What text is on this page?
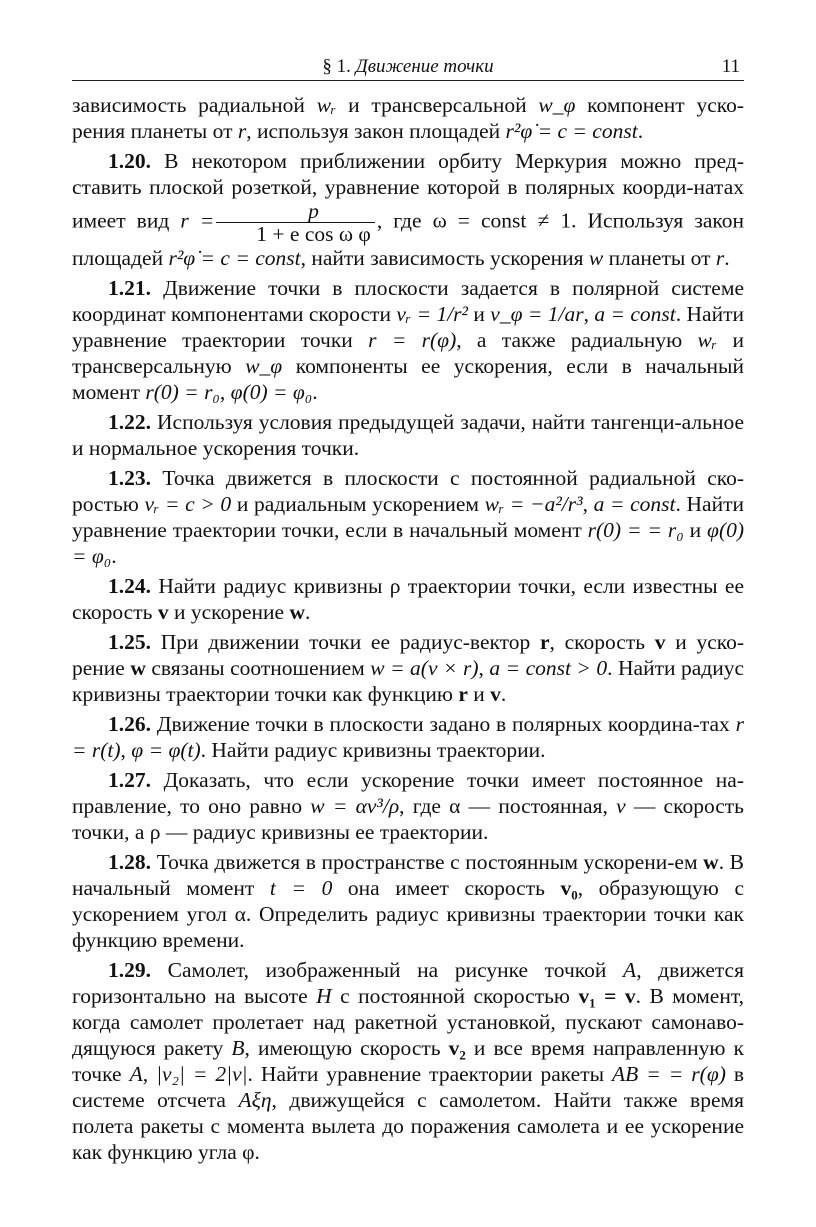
§ 1. Движение точки	11

зависимость радиальной wᵣ и трансверсальной w_φ компонент уско-рения планеты от r, используя закон площадей r²φ̇ = c = const.

1.20. В некотором приближении орбиту Меркурия можно пред-ставить плоской розеткой, уравнение которой в полярных коорди-натах имеет вид $r = \frac{p}{\text{1 + e cos ω φ}}$ , где ω = const ≠ 1. Используя закон площадей r²φ̇ = c = const, найти зависимость ускорения w планеты от r.

1.21. Движение точки в плоскости задается в полярной системе координат компонентами скорости vᵣ = 1/r² и v_φ = 1/ar, a = const. Найти уравнение траектории точки r = r(φ), а также радиальную wᵣ и трансверсальную w_φ компоненты ее ускорения, если в начальный момент r(0) = r₀, φ(0) = φ₀.

1.22. Используя условия предыдущей задачи, найти тангенци-альное и нормальное ускорения точки.

1.23. Точка движется в плоскости с постоянной радиальной ско-ростью vᵣ = c > 0 и радиальным ускорением wᵣ = −a²/r³, a = const. Найти уравнение траектории точки, если в начальный момент r(0) = = r₀ и φ(0) = φ₀.

1.24. Найти радиус кривизны ρ траектории точки, если известны ее скорость v и ускорение w.

1.25. При движении точки ее радиус-вектор r, скорость v и уско-рение w связаны соотношением w = a(v × r), a = const > 0. Найти радиус кривизны траектории точки как функцию r и v.

1.26. Движение точки в плоскости задано в полярных координа-тах r = r(t), φ = φ(t). Найти радиус кривизны траектории.

1.27. Доказать, что если ускорение точки имеет постоянное на-правление, то оно равно w = αv³/ρ, где α — постоянная, v — скорость точки, а ρ — радиус кривизны ее траектории.

1.28. Точка движется в пространстве с постоянным ускорени-ем w. В начальный момент t = 0 она имеет скорость v₀, образующую с ускорением угол α. Определить радиус кривизны траектории точки как функцию времени.

1.29. Самолет, изображенный на рисунке точкой A, движется горизонтально на высоте H с постоянной скоростью v₁ = v. В момент, когда самолет пролетает над ракетной установкой, пускают самонаво-дящуюся ракету B, имеющую скорость v₂ и все время направленную к точке A, |v₂| = 2|v|. Найти уравнение траектории ракеты AB = = r(φ) в системе отсчета Aξη, движущейся с самолетом. Найти также время полета ракеты с момента вылета до поражения самолета и ее ускорение как функцию угла φ.
